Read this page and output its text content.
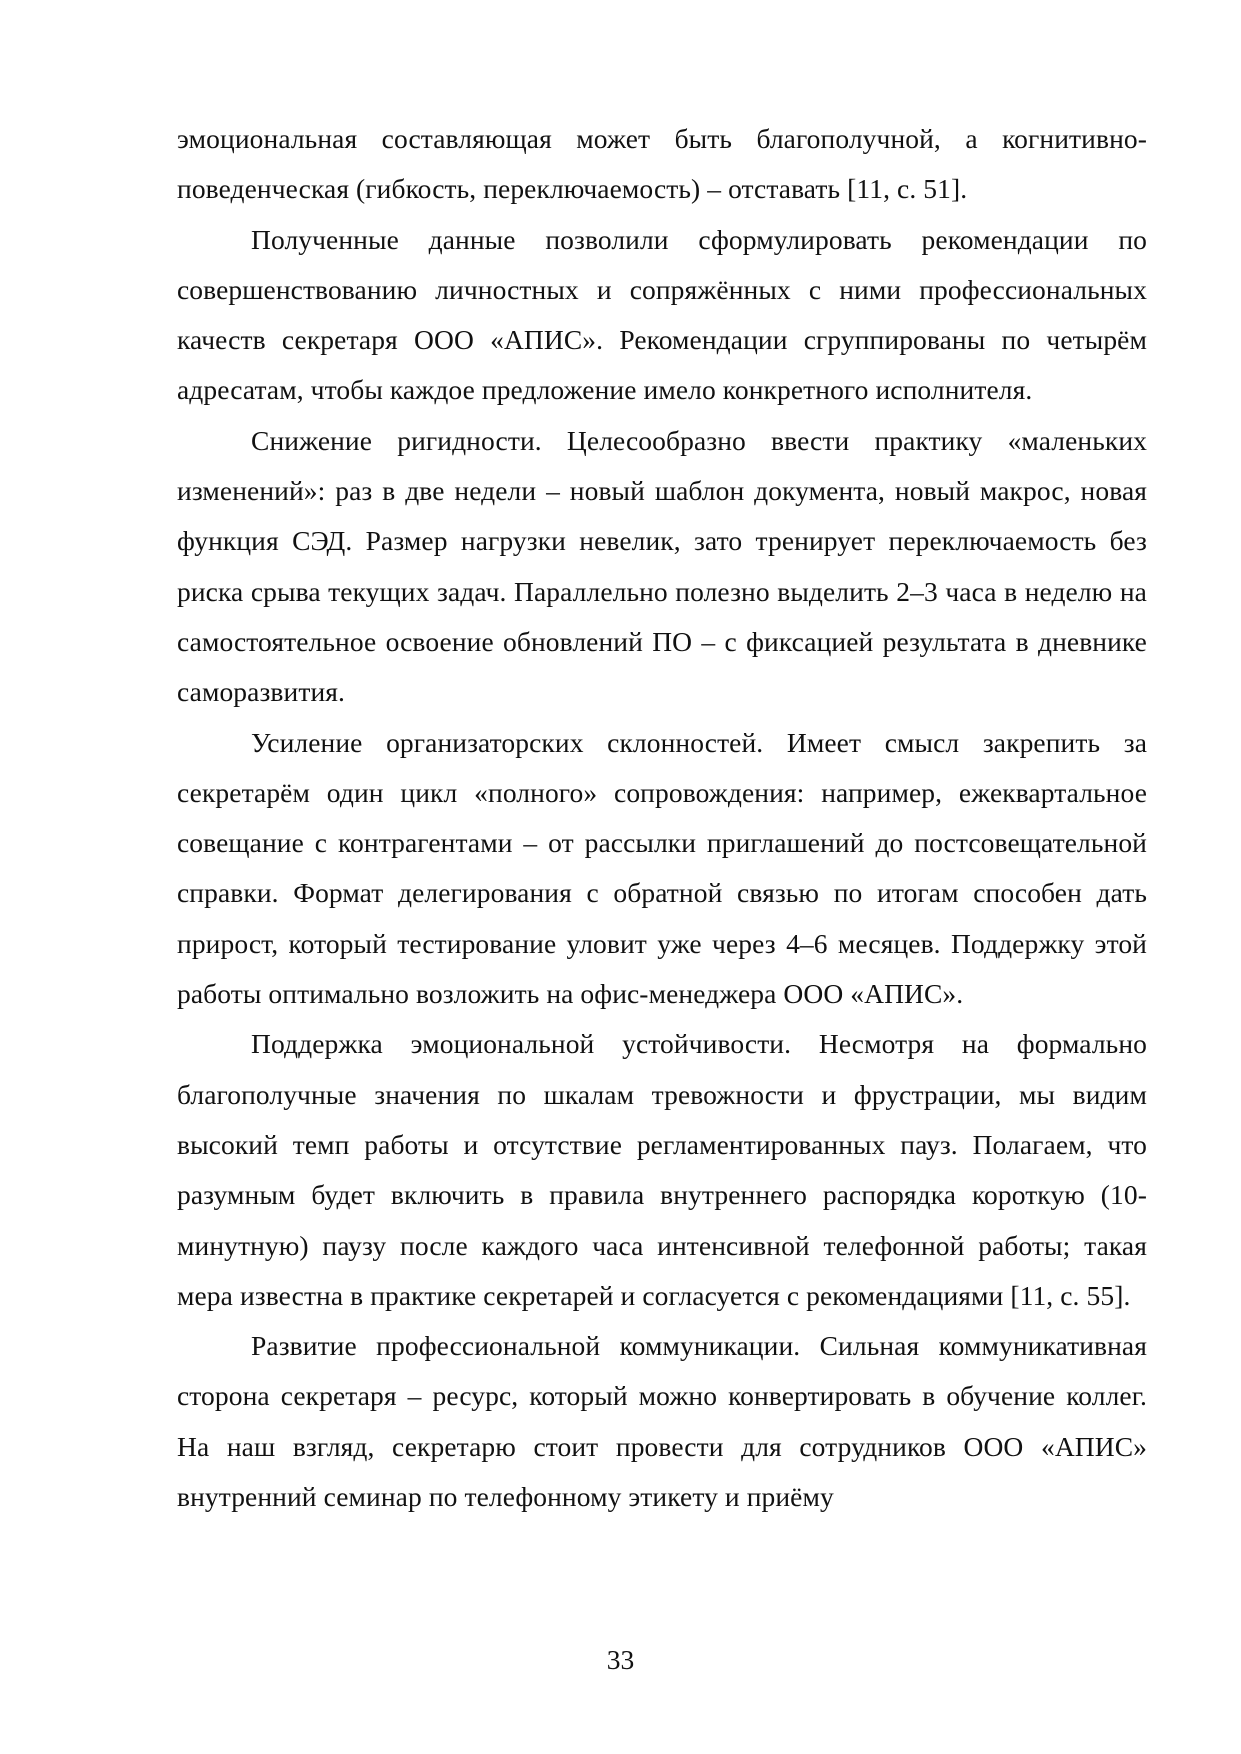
эмоциональная составляющая может быть благополучной, а когнитивно-поведенческая (гибкость, переключаемость) – отставать [11, с. 51].

Полученные данные позволили сформулировать рекомендации по совершенствованию личностных и сопряжённых с ними профессиональных качеств секретаря ООО «АПИС». Рекомендации сгруппированы по четырём адресатам, чтобы каждое предложение имело конкретного исполнителя.

Снижение ригидности. Целесообразно ввести практику «маленьких изменений»: раз в две недели – новый шаблон документа, новый макрос, новая функция СЭД. Размер нагрузки невелик, зато тренирует переключаемость без риска срыва текущих задач. Параллельно полезно выделить 2–3 часа в неделю на самостоятельное освоение обновлений ПО – с фиксацией результата в дневнике саморазвития.

Усиление организаторских склонностей. Имеет смысл закрепить за секретарём один цикл «полного» сопровождения: например, ежеквартальное совещание с контрагентами – от рассылки приглашений до постсовещательной справки. Формат делегирования с обратной связью по итогам способен дать прирост, который тестирование уловит уже через 4–6 месяцев. Поддержку этой работы оптимально возложить на офис-менеджера ООО «АПИС».

Поддержка эмоциональной устойчивости. Несмотря на формально благополучные значения по шкалам тревожности и фрустрации, мы видим высокий темп работы и отсутствие регламентированных пауз. Полагаем, что разумным будет включить в правила внутреннего распорядка короткую (10-минутную) паузу после каждого часа интенсивной телефонной работы; такая мера известна в практике секретарей и согласуется с рекомендациями [11, с. 55].

Развитие профессиональной коммуникации. Сильная коммуникативная сторона секретаря – ресурс, который можно конвертировать в обучение коллег. На наш взгляд, секретарю стоит провести для сотрудников ООО «АПИС» внутренний семинар по телефонному этикету и приёму

33
